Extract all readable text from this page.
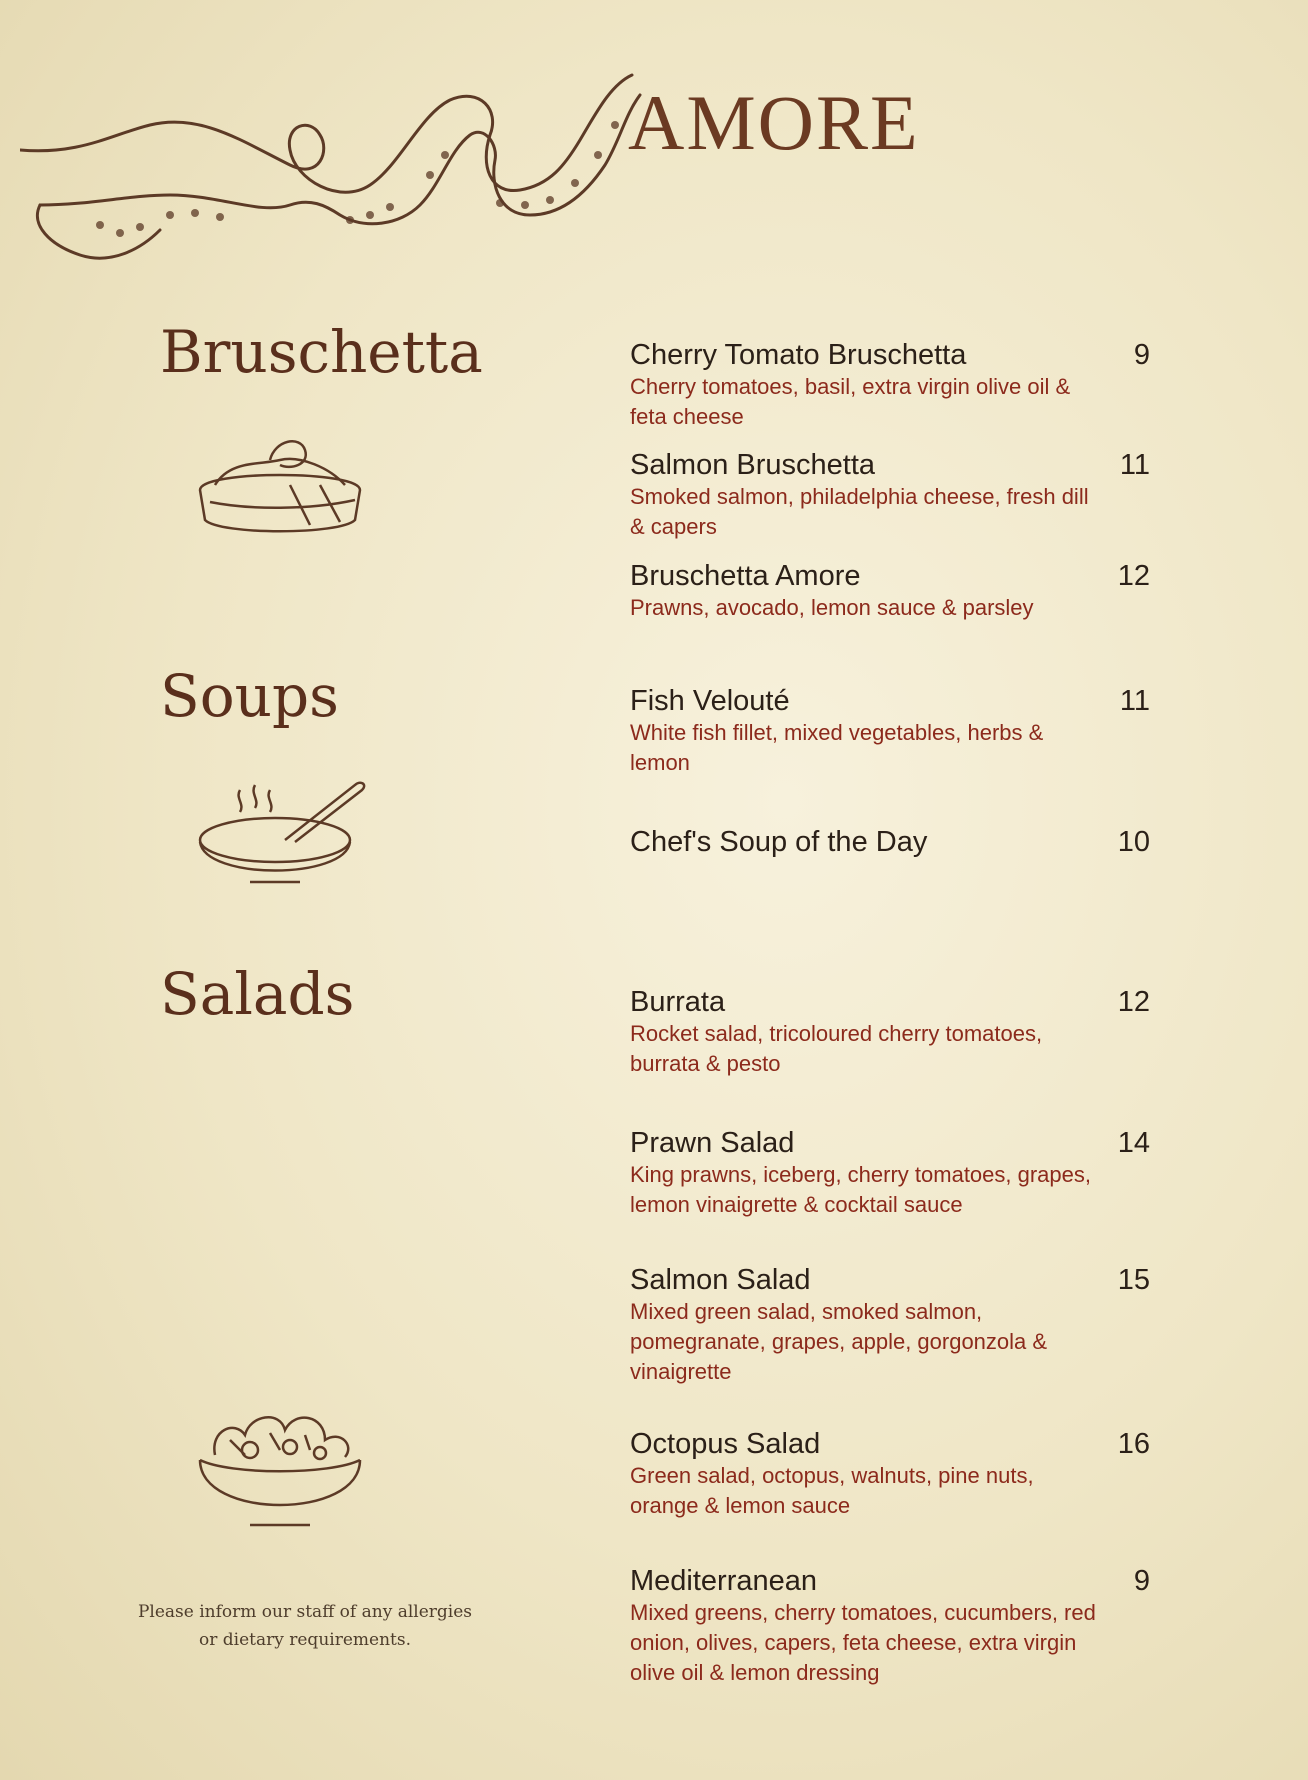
AMORE
Bruschetta
Soups
Salads
Cherry Tomato Bruschetta	9
Cherry tomatoes, basil, extra virgin olive oil & feta cheese
Salmon Bruschetta	11
Smoked salmon, philadelphia cheese, fresh dill & capers
Bruschetta Amore	12
Prawns, avocado, lemon sauce & parsley
Fish Velouté	11
White fish fillet, mixed vegetables, herbs & lemon
Chef's Soup of the Day	10
Burrata	12
Rocket salad, tricoloured cherry tomatoes, burrata & pesto
Prawn Salad	14
King prawns, iceberg, cherry tomatoes, grapes, lemon vinaigrette & cocktail sauce
Salmon Salad	15
Mixed green salad, smoked salmon, pomegranate, grapes, apple, gorgonzola & vinaigrette
Octopus Salad	16
Green salad, octopus, walnuts, pine nuts, orange & lemon sauce
Mediterranean	9
Mixed greens, cherry tomatoes, cucumbers, red onion, olives, capers, feta cheese, extra virgin olive oil & lemon dressing
Please inform our staff of any allergies or dietary requirements.
